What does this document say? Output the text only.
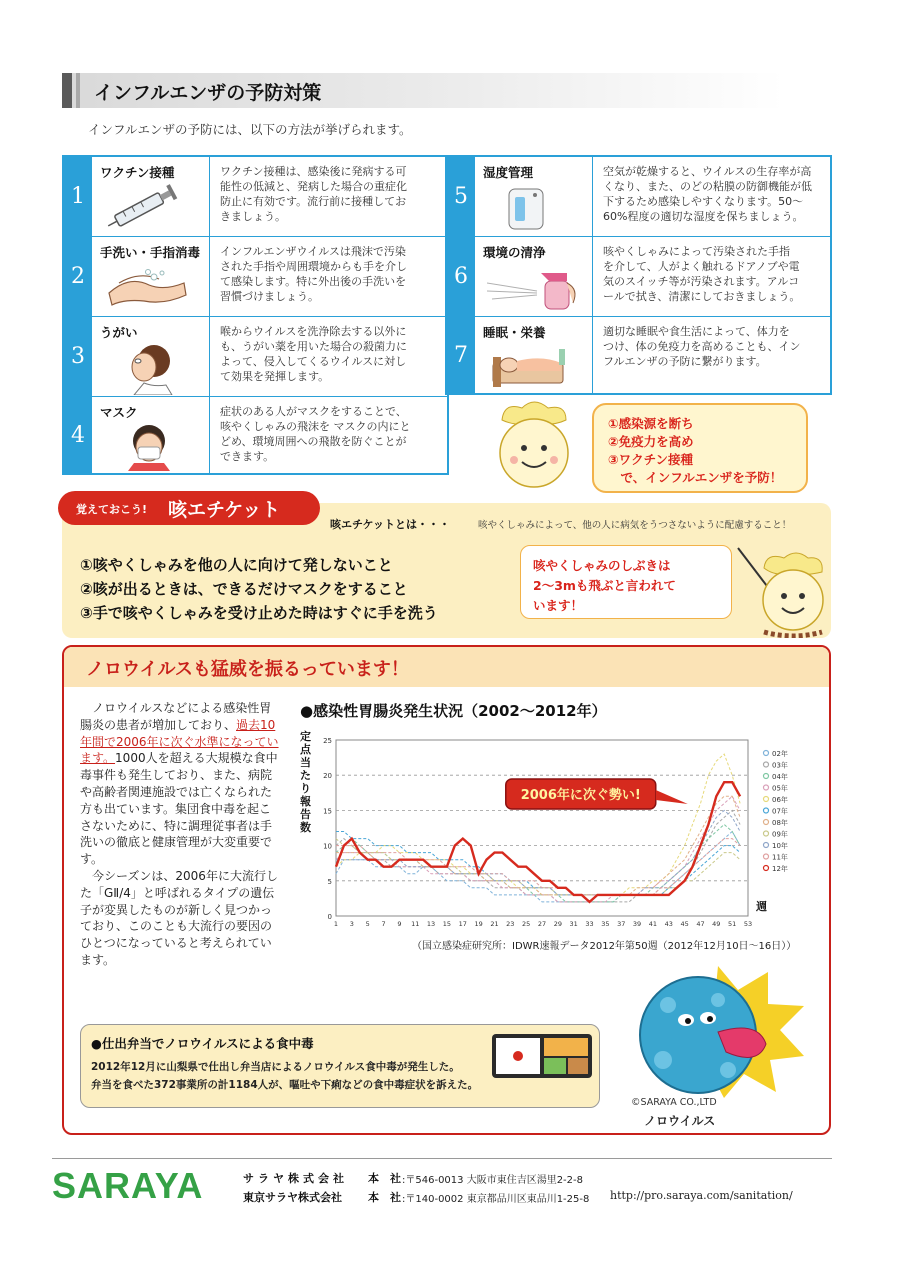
インフルエンザの予防対策
インフルエンザの予防には、以下の方法が挙げられます。
1
ワクチン接種	ワクチン接種は、感染後に発病する可
能性の低減と、発病した場合の重症化
防止に有効です。流行前に接種してお
きましょう。
2
手洗い・手指消毒 インフルエンザウイルスは飛沫で汚染
された手指や周囲環境からも手を介し
て感染します。特に外出後の手洗いを
習慣づけましょう。
3
うがい	喉からウイルスを洗浄除去する以外に
も、うがい薬を用いた場合の殺菌力に
よって、侵入してくるウイルスに対し
て効果を発揮します。
4
マスク	症状のある人がマスクをすることで、
咳やくしゃみの飛沫を マスクの内にと
どめ、環境周囲への飛散を防ぐことが
できます。
5
湿度管理	空気が乾燥すると、ウイルスの生存率が高
くなり、また、のどの粘膜の防御機能が低
下するため感染しやすくなります。50～
60%程度の適切な湿度を保ちましょう。
6
環境の清浄	咳やくしゃみによって汚染された手指
を介して、人がよく触れるドアノブや電
気のスイッチ等が汚染されます。アルコ
ールで拭き、清潔にしておきましょう。
7
睡眠・栄養	適切な睡眠や食生活によって、体力を
つけ、体の免疫力を高めることも、イン
フルエンザの予防に繋がります。
①感染源を断ち
②免疫力を高め
③ワクチン接種
　で、インフルエンザを予防！
覚えておこう! 咳エチケット
咳エチケットとは・・・	咳やくしゃみによって、他の人に病気をうつさないように配慮すること！
①咳やくしゃみを他の人に向けて発しないこと
②咳が出るときは、できるだけマスクをすること
③手で咳やくしゃみを受け止めた時はすぐに手を洗う
咳やくしゃみのしぶきは
2～3mも飛ぶと言われて
います！
ノロウイルスも猛威を振るっています！
　ノロウイルスなどによる感染性胃腸炎の患者が増加しており、過去10年間で2006年に次ぐ水準になっています。1000人を超える大規模な食中毒事件も発生しており、また、病院や高齢者関連施設では亡くなられた方も出ています。集団食中毒を起こさないために、特に調理従事者は手洗いの徹底と健康管理が大変重要です。
　今シーズンは、2006年に大流行した「GⅡ/4」と呼ばれるタイプの遺伝子が変異したものが新しく見つかっており、このことも大流行の要因のひとつになっていると考えられています。
●感染性胃腸炎発生状況（2002～2012年）
定点当たり報告数
0
5
10
15
20
25
1 3 5 7 9 11 13 15 17 19 21 23 25 27 29 31 33 35 37 39 41 43 45 47 49 51 53
週
02年
03年
04年
05年
06年
07年
08年
09年
10年
11年
12年
2006年に次ぐ勢い!
（国立感染症研究所：IDWR速報データ2012年第50週（2012年12月10日～16日））
©SARAYA CO.,LTD
ノロウイルス
●仕出弁当でノロウイルスによる食中毒
2012年12月に山梨県で仕出し弁当店によるノロウイルス食中毒が発生した。
弁当を食べた372事業所の計1184人が、嘔吐や下痢などの食中毒症状を訴えた。
SARAYA	サラヤ株式会社 本　社 :〒546-0013 大阪市東住吉区湯里2-2-8
東京サラヤ株式会社 本　社 :〒140-0002 東京都品川区東品川1-25-8 http://pro.saraya.com/sanitation/
